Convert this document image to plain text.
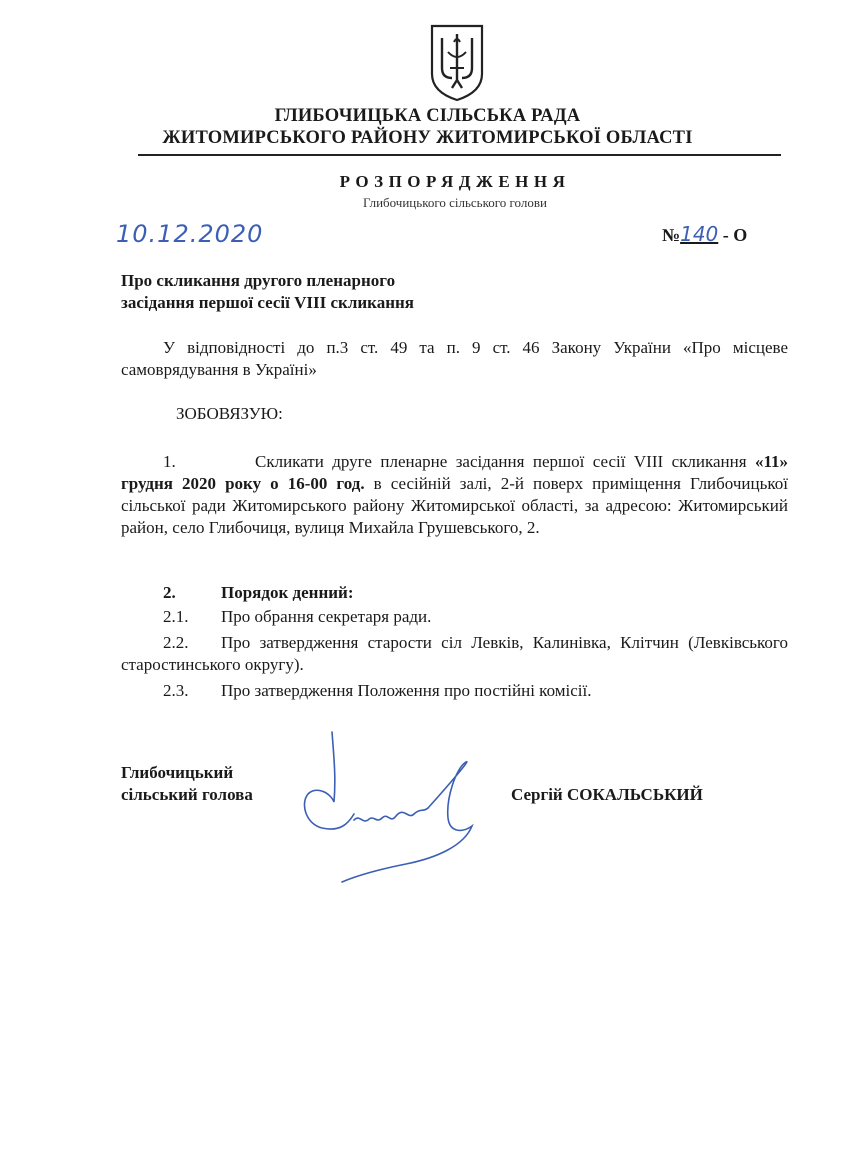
ГЛИБОЧИЦЬКА СІЛЬСЬКА РАДА
ЖИТОМИРСЬКОГО РАЙОНУ ЖИТОМИРСЬКОЇ ОБЛАСТІ
РОЗПОРЯДЖЕННЯ
Глибочицького сільського голови
10.12.2020	№140 - О
Про скликання другого пленарного
засідання першої сесії VIII скликання
У відповідності до п.3 ст. 49 та п. 9 ст. 46 Закону України «Про місцеве самоврядування в Україні»
ЗОБОВЯЗУЮ:
1.	Скликати друге пленарне засідання першої сесії VIII скликання «11» грудня 2020 року о 16-00 год. в сесійній залі, 2-й поверх приміщення Глибочицької сільської ради Житомирського району Житомирської області, за адресою: Житомирський район, село Глибочиця, вулиця Михайла Грушевського, 2.
2.	Порядок денний:
2.1. Про обрання секретаря ради.
2.2. Про затвердження старости сіл Левків, Калинівка, Клітчин (Левківського старостинського округу).
2.3. Про затвердження Положення про постійні комісії.
Глибочицький
сільський голова	Сергій СОКАЛЬСЬКИЙ
